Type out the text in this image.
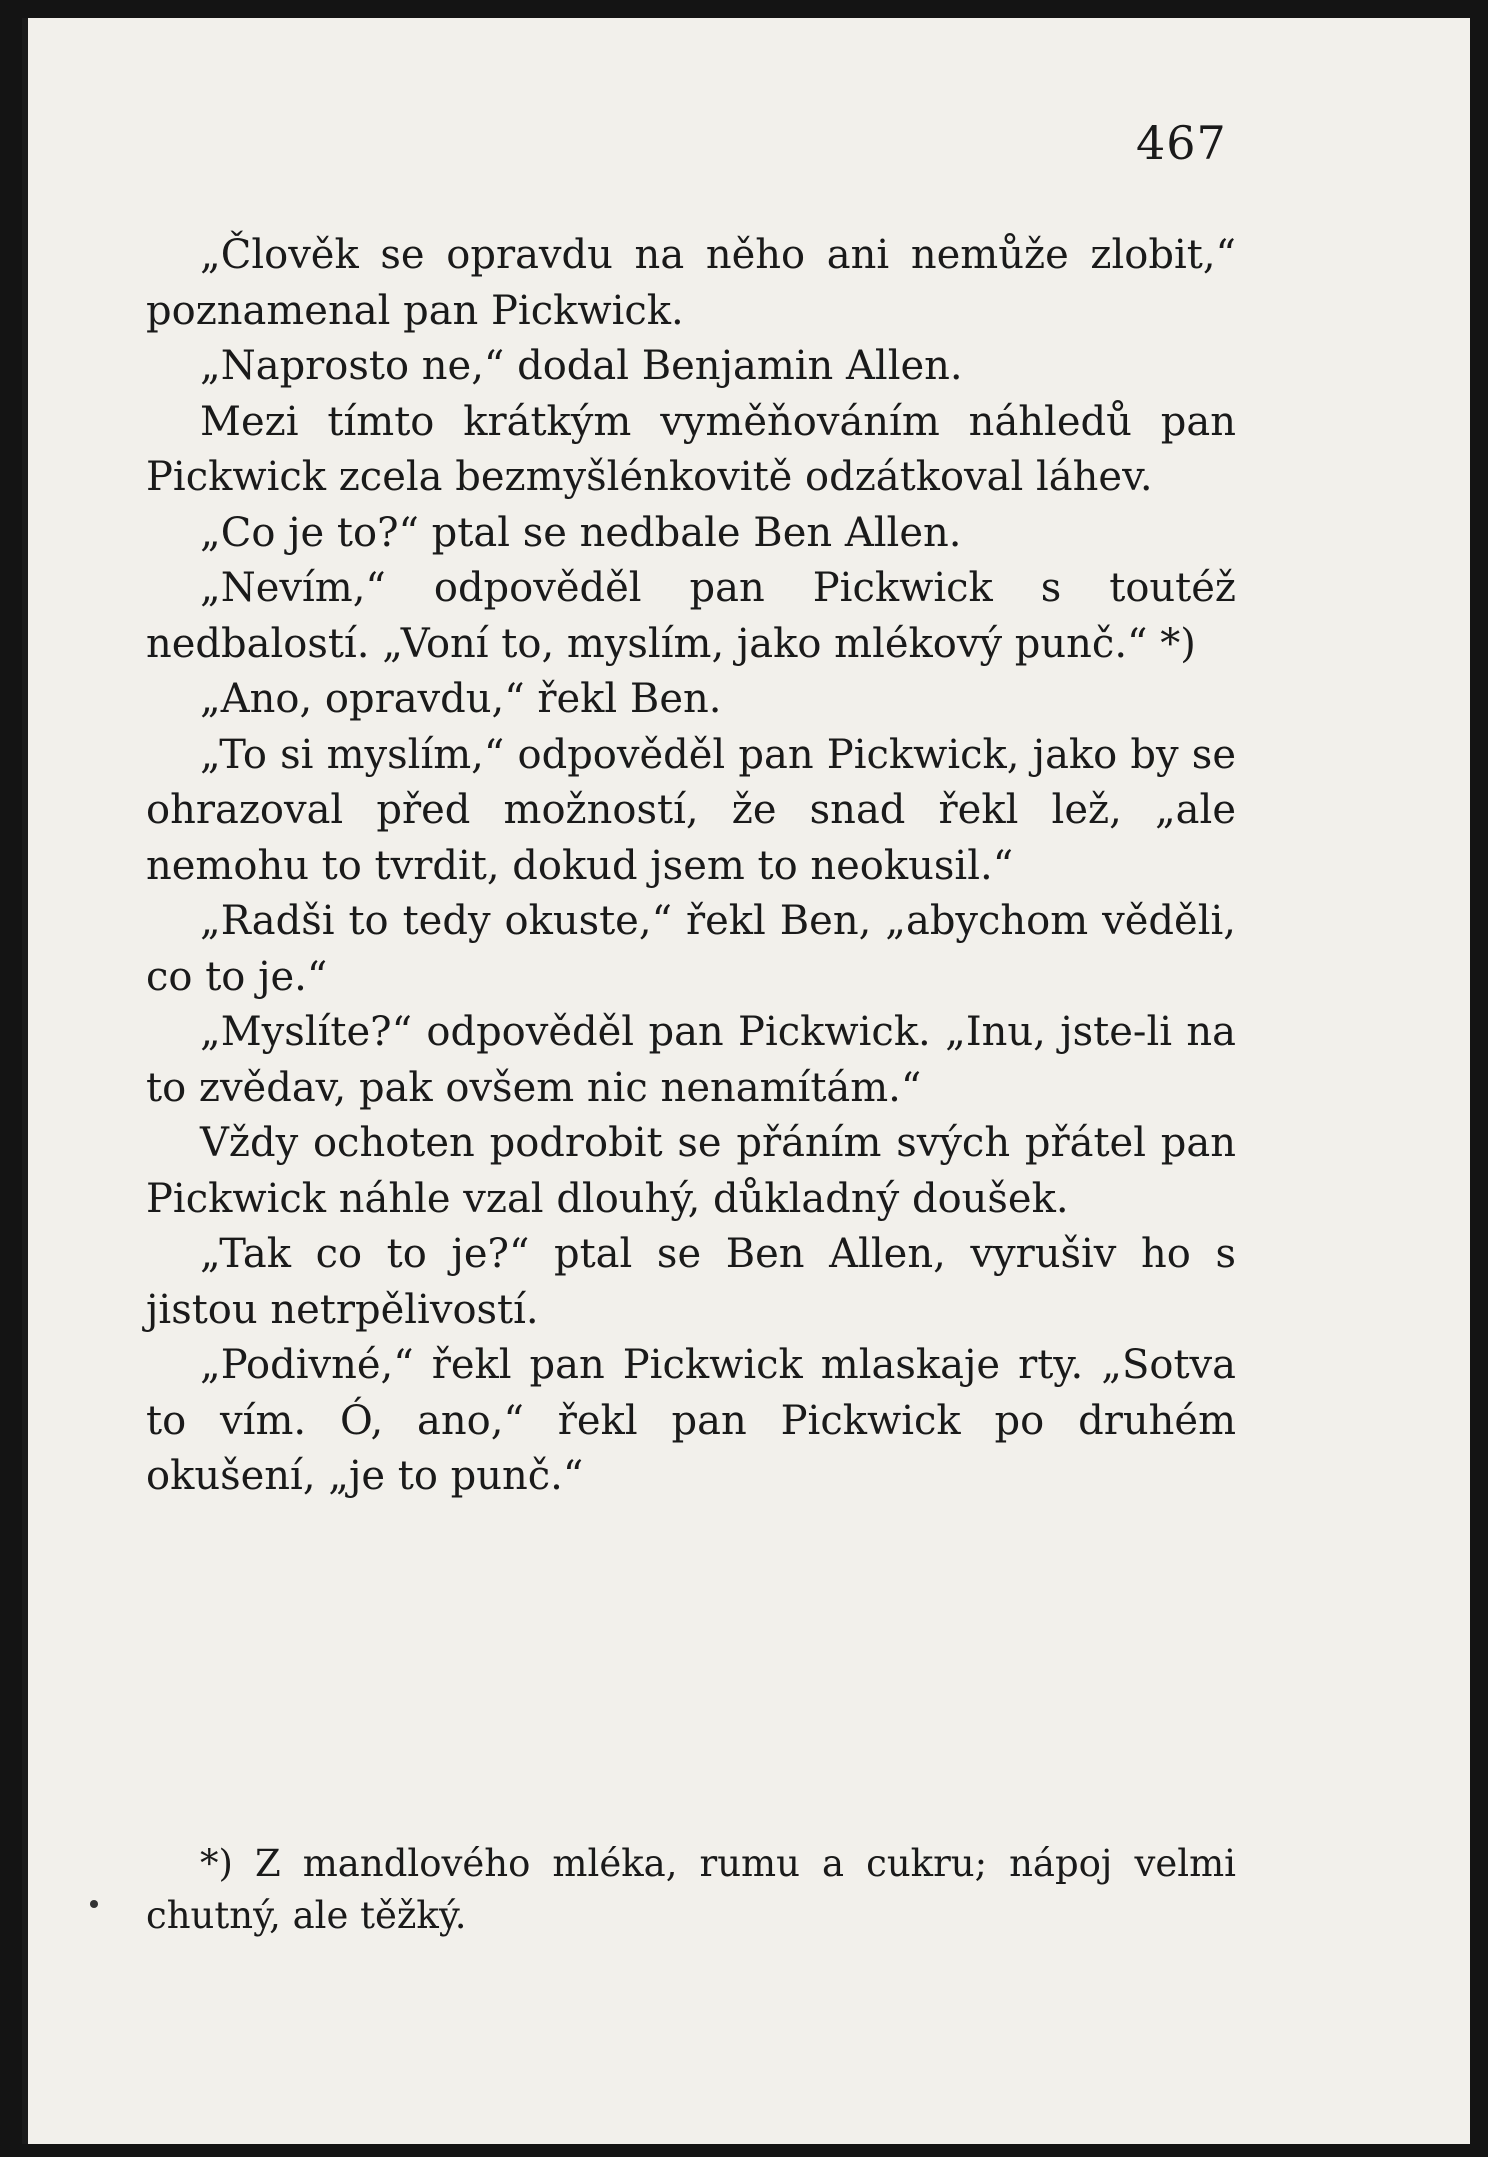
467

„Člověk se opravdu na něho ani nemůže zlobit,“ poznamenal pan Pickwick.

„Naprosto ne,“ dodal Benjamin Allen.

Mezi tímto krátkým vyměňováním náhledů pan Pickwick zcela bezmyšlénkovitě odzátkoval láhev.

„Co je to?“ ptal se nedbale Ben Allen.

„Nevím,“ odpověděl pan Pickwick s toutéž nedbalostí. „Voní to, myslím, jako mlékový punč.“ *)

„Ano, opravdu,“ řekl Ben.

„To si myslím,“ odpověděl pan Pickwick, jako by se ohrazoval před možností, že snad řekl lež, „ale nemohu to tvrdit, dokud jsem to neokusil.“

„Radši to tedy okuste,“ řekl Ben, „abychom věděli, co to je.“

„Myslíte?“ odpověděl pan Pickwick. „Inu, jste-li na to zvědav, pak ovšem nic nenamítám.“

Vždy ochoten podrobit se přáním svých přátel pan Pickwick náhle vzal dlouhý, důkladný doušek.

„Tak co to je?“ ptal se Ben Allen, vyrušiv ho s jistou netrpělivostí.

„Podivné,“ řekl pan Pickwick mlaskaje rty. „Sotva to vím. Ó, ano,“ řekl pan Pickwick po druhém okušení, „je to punč.“

*) Z mandlového mléka, rumu a cukru; nápoj velmi chutný, ale těžký.
